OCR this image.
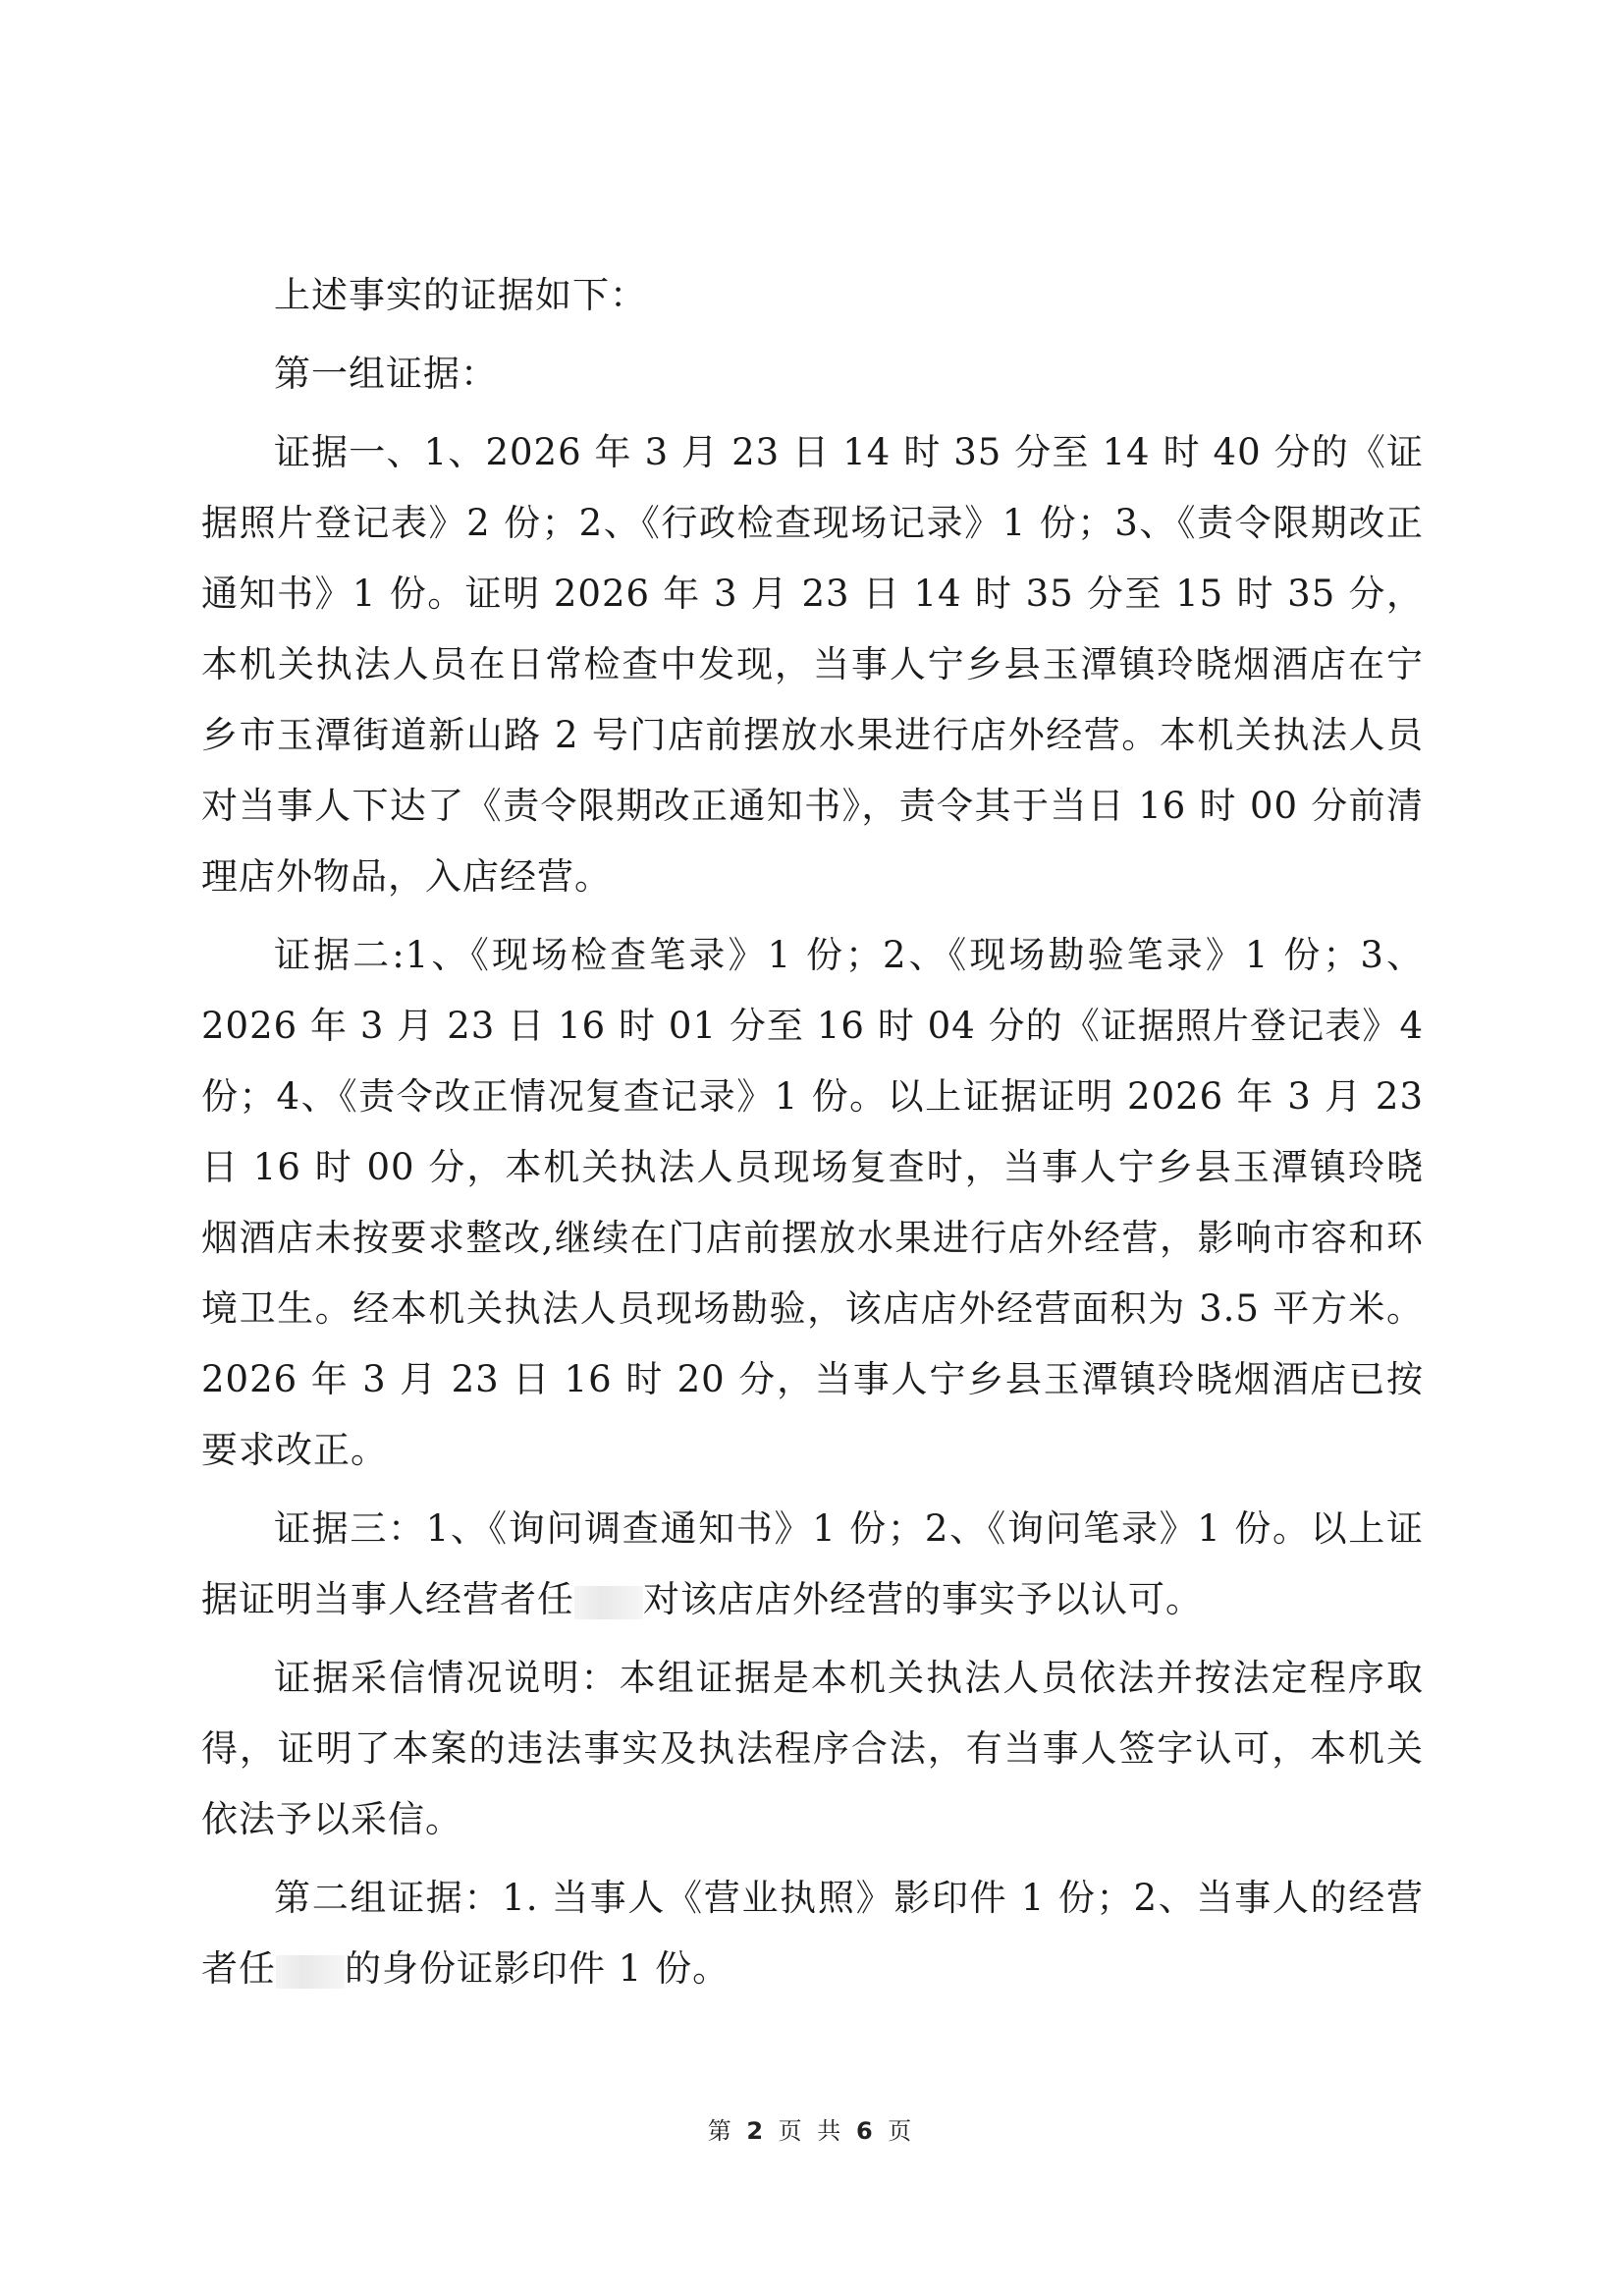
上述事实的证据如下：

第一组证据：

证据一、1、2026 年 3 月 23 日 14 时 35 分至 14 时 40 分的《证据照片登记表》2 份；2、《行政检查现场记录》1 份；3、《责令限期改正通知书》1 份。证明 2026 年 3 月 23 日 14 时 35 分至 15 时 35 分，本机关执法人员在日常检查中发现，当事人宁乡县玉潭镇玲晓烟酒店在宁乡市玉潭街道新山路 2 号门店前摆放水果进行店外经营。本机关执法人员对当事人下达了《责令限期改正通知书》，责令其于当日 16 时 00 分前清理店外物品，入店经营。

证据二:1、《现场检查笔录》1 份；2、《现场勘验笔录》1 份；3、2026 年 3 月 23 日 16 时 01 分至 16 时 04 分的《证据照片登记表》4 份；4、《责令改正情况复查记录》1 份。以上证据证明 2026 年 3 月 23 日 16 时 00 分，本机关执法人员现场复查时，当事人宁乡县玉潭镇玲晓烟酒店未按要求整改,继续在门店前摆放水果进行店外经营，影响市容和环境卫生。经本机关执法人员现场勘验，该店店外经营面积为 3.5 平方米。2026 年 3 月 23 日 16 时 20 分，当事人宁乡县玉潭镇玲晓烟酒店已按要求改正。

证据三：1、《询问调查通知书》1 份；2、《询问笔录》1 份。以上证据证明当事人经营者任 对该店店外经营的事实予以认可。

证据采信情况说明：本组证据是本机关执法人员依法并按法定程序取得，证明了本案的违法事实及执法程序合法，有当事人签字认可，本机关依法予以采信。

第二组证据：1. 当事人《营业执照》影印件 1 份；2、当事人的经营者任 的身份证影印件 1 份。

第 2 页 共 6 页
